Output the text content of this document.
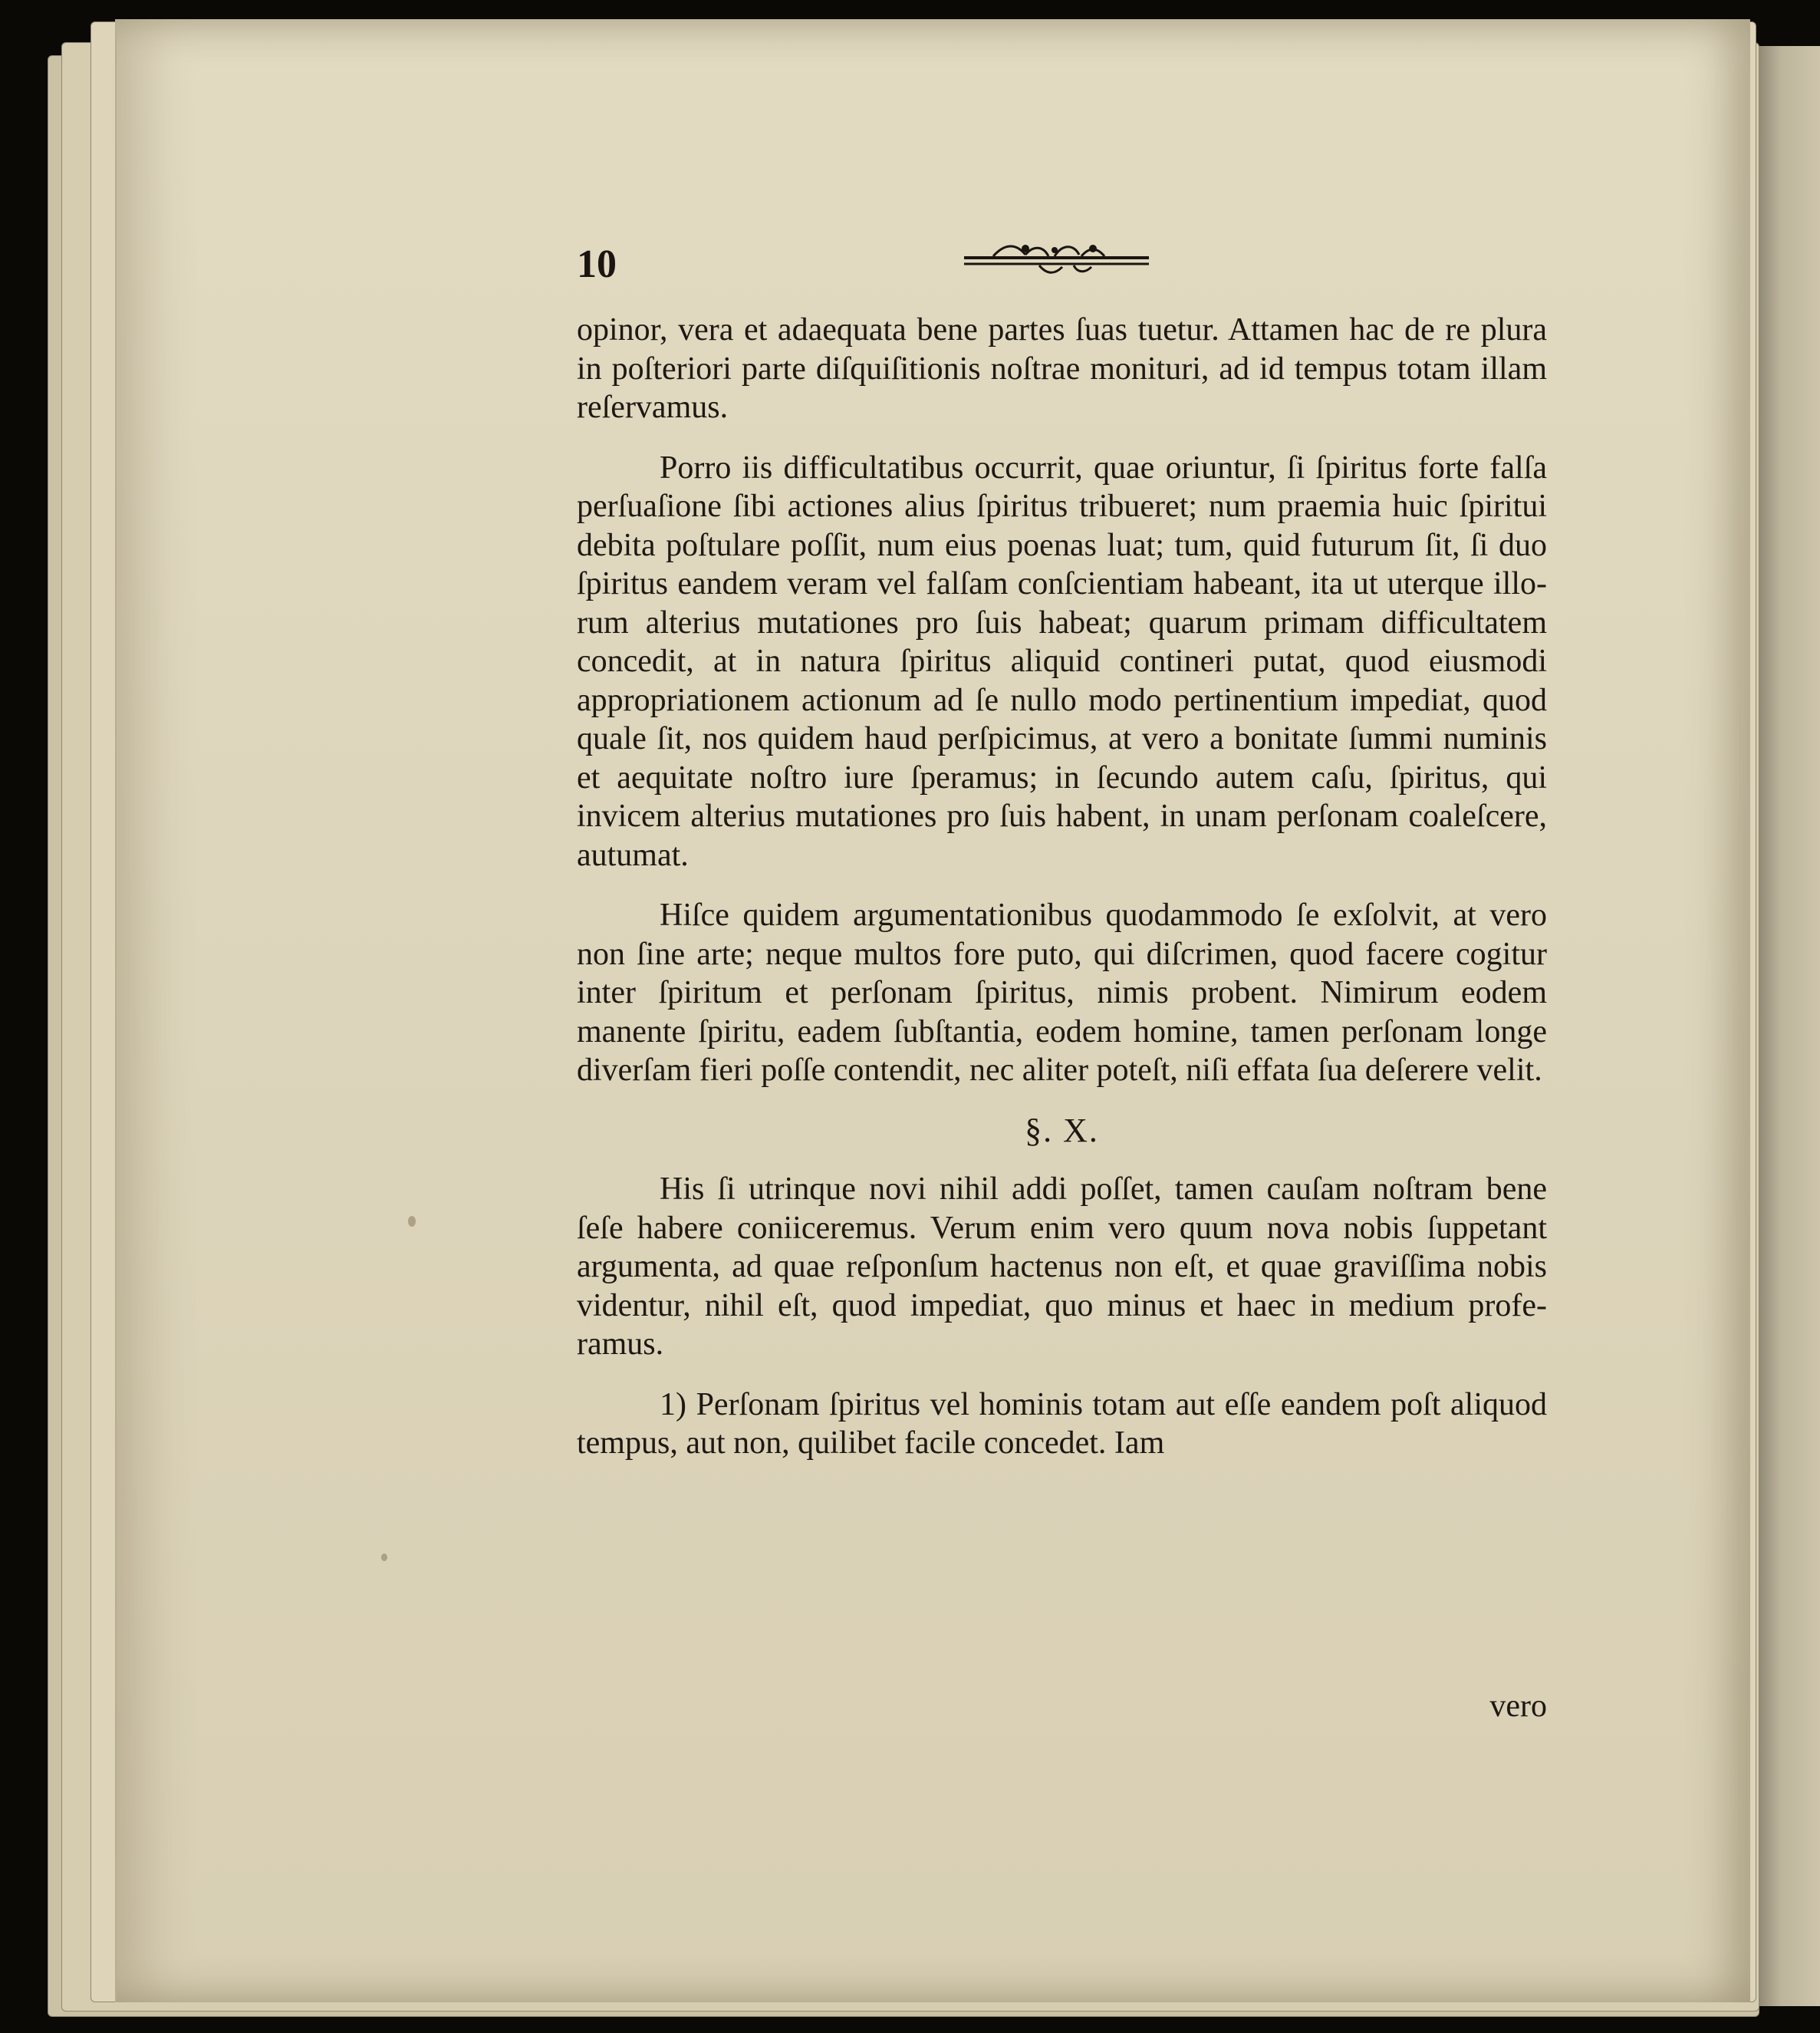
10

opinor, vera et adaequata bene partes ſuas tuetur. Attamen hac de re plura in poſteriori parte diſquiſitionis noſtrae monituri, ad id tempus totam illam reſervamus.

Porro iis difficultatibus occurrit, quae oriuntur, ſi ſpiritus forte falſa perſuaſione ſibi actiones alius ſpiritus tribueret; num praemia huic ſpiritui debita poſtulare poſſit, num eius poenas luat; tum, quid futurum ſit, ſi duo ſpiritus eandem veram vel falſam conſcientiam habeant, ita ut uterque illorum alterius mutationes pro ſuis habeat; quarum primam difficultatem concedit, at in natura ſpiritus aliquid contineri putat, quod eiusmodi appropriationem actionum ad ſe nullo modo pertinentium impediat, quod quale ſit, nos quidem haud perſpicimus, at vero a bonitate ſummi numinis et aequitate noſtro iure ſperamus; in ſecundo autem caſu, ſpiritus, qui invicem alterius mutationes pro ſuis habent, in unam perſonam coaleſcere, autumat.

Hiſce quidem argumentationibus quodammodo ſe exſolvit, at vero non ſine arte; neque multos fore puto, qui diſcrimen, quod facere cogitur inter ſpiritum et perſonam ſpiritus, nimis probent. Nimirum eodem manente ſpiritu, eadem ſubſtantia, eodem homine, tamen perſonam longe diverſam fieri poſſe contendit, nec aliter poteſt, niſi effata ſua deſerere velit.

§. X.

His ſi utrinque novi nihil addi poſſet, tamen cauſam noſtram bene ſeſe habere coniiceremus. Verum enim vero quum nova nobis ſuppetant argumenta, ad quae reſponſum hactenus non eſt, et quae graviſſima nobis videntur, nihil eſt, quod impediat, quo minus et haec in medium proferamus.

1) Perſonam ſpiritus vel hominis totam aut eſſe eandem poſt aliquod tempus, aut non, quilibet facile concedet. Iam

vero
